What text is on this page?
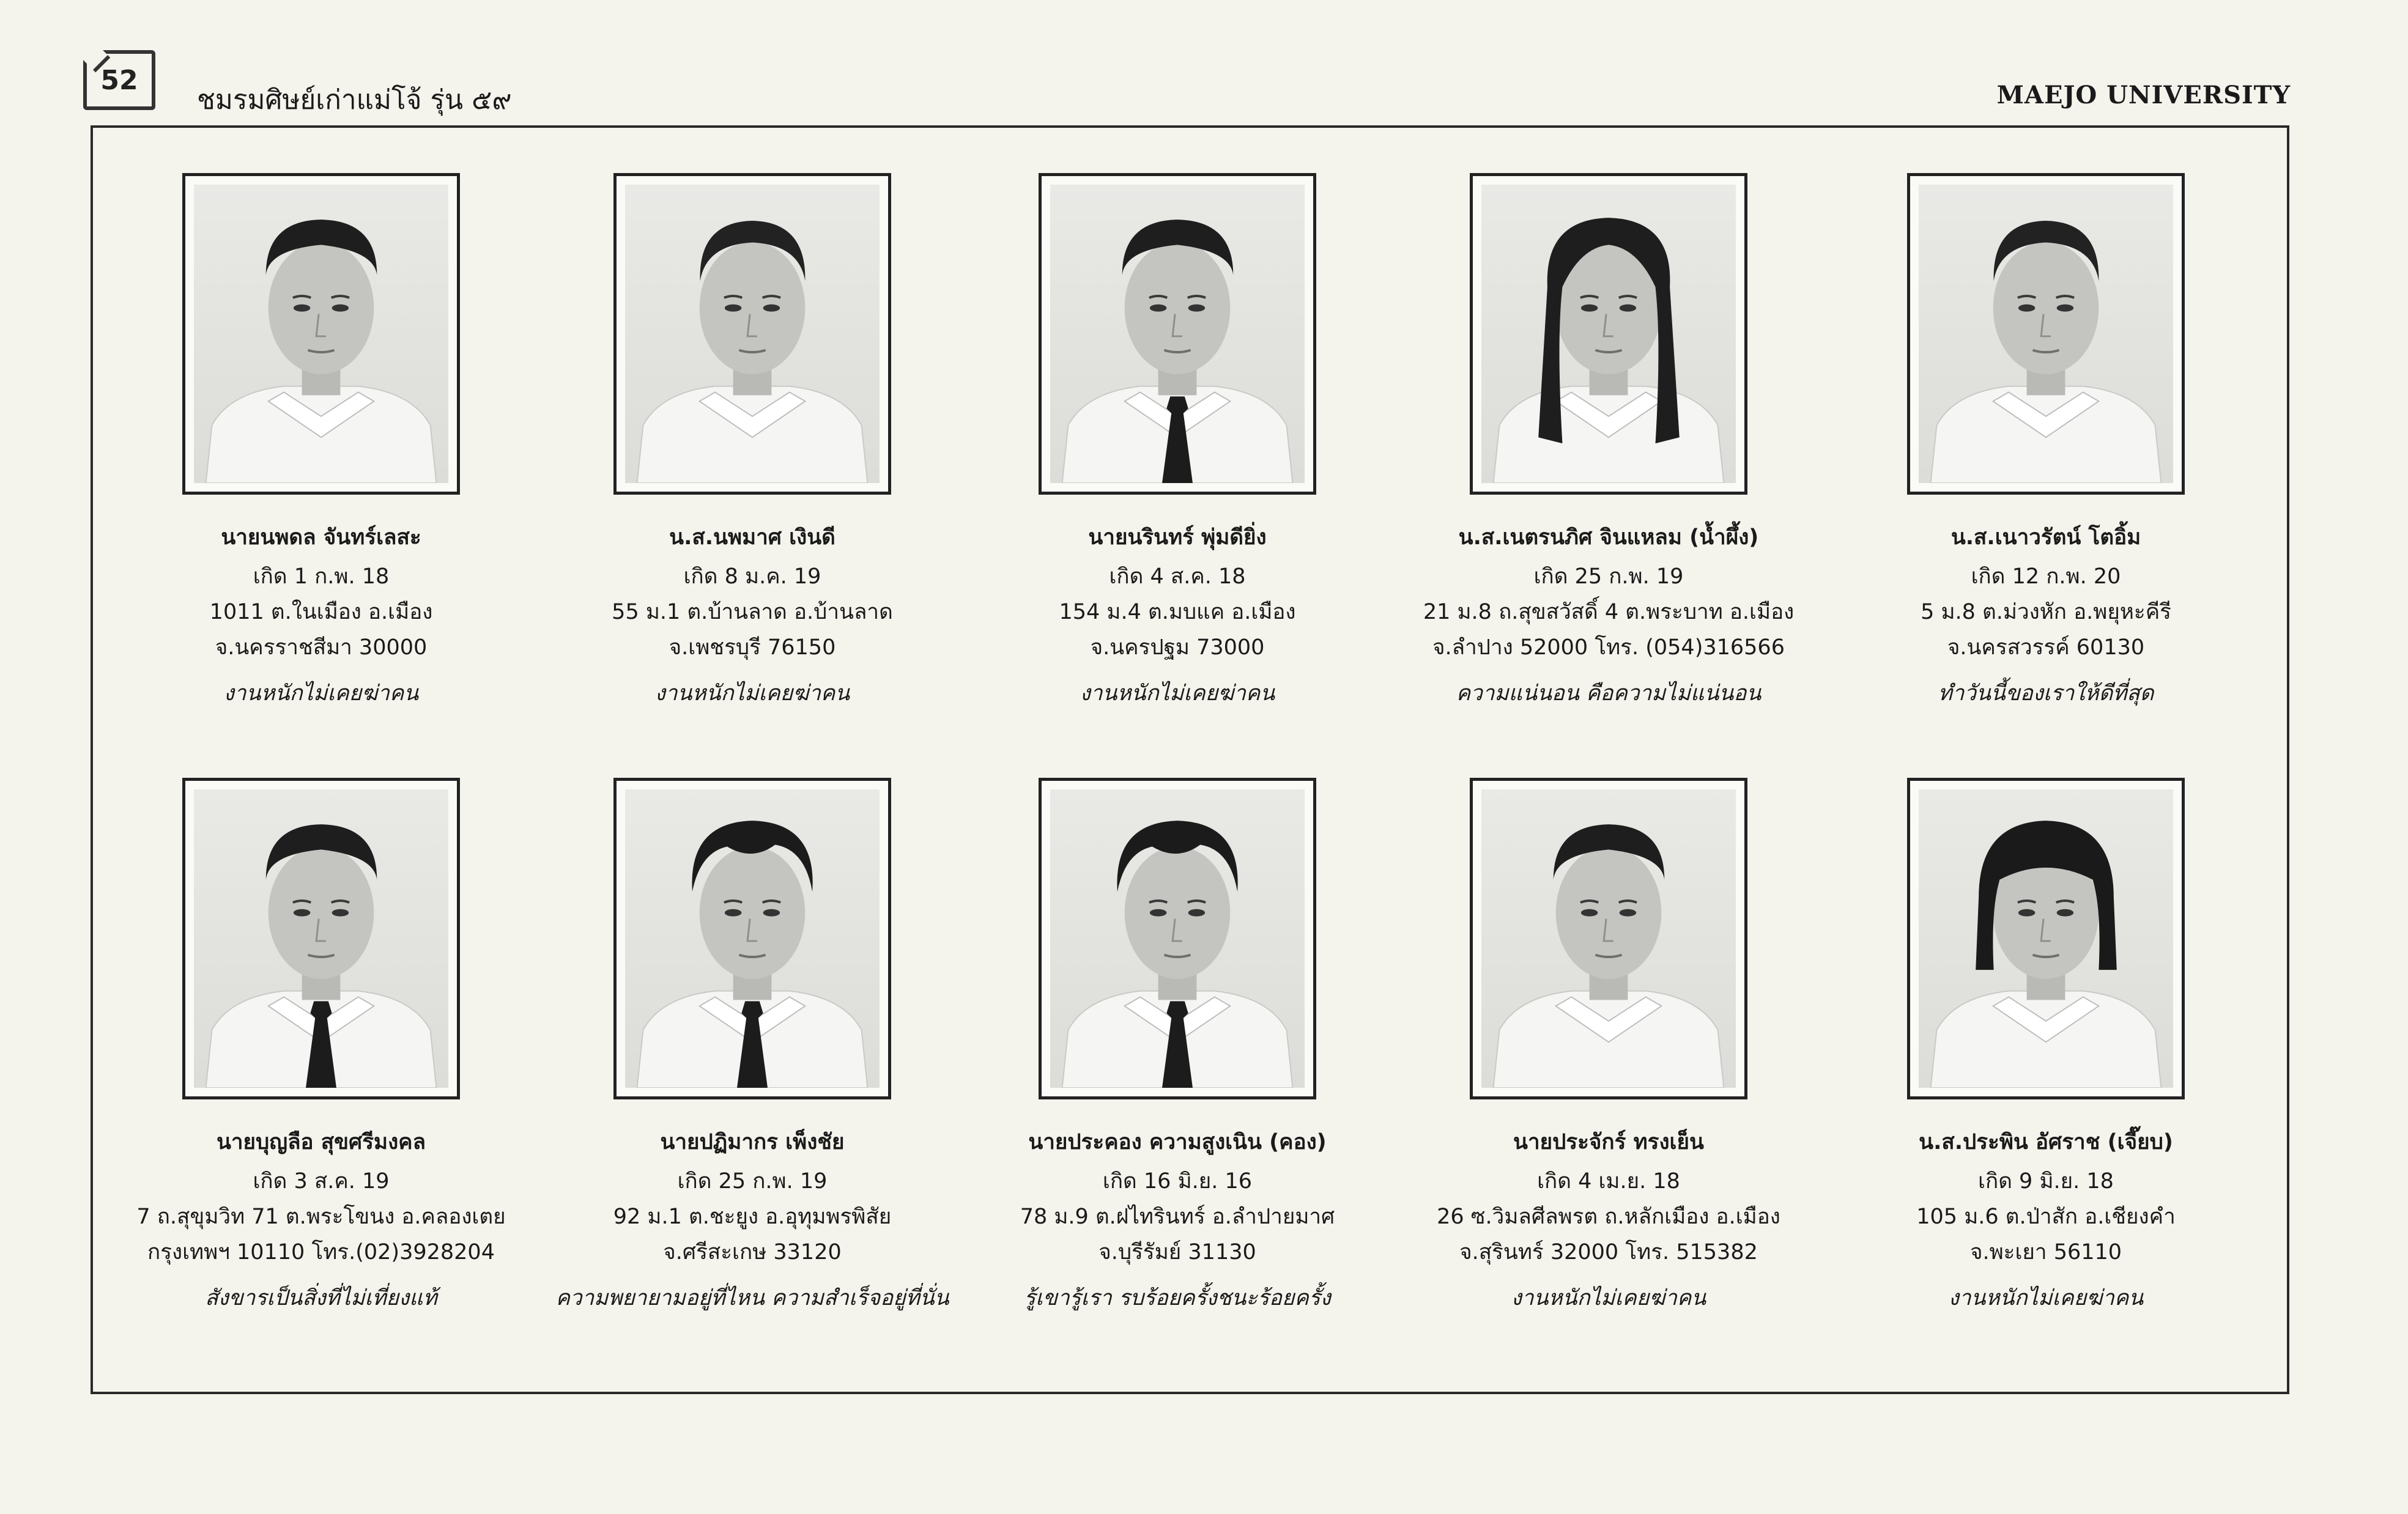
52
ชมรมศิษย์เก่าแม่โจ้ รุ่น ๕๙	MAEJO UNIVERSITY
นายนพดล จันทร์เลสะ
เกิด 1 ก.พ. 18
1011 ต.ในเมือง อ.เมือง
จ.นครราชสีมา 30000
งานหนักไม่เคยฆ่าคน
น.ส.นพมาศ เงินดี
เกิด 8 ม.ค. 19
55 ม.1 ต.บ้านลาด อ.บ้านลาด
จ.เพชรบุรี 76150
งานหนักไม่เคยฆ่าคน
นายนรินทร์ พุ่มดียิ่ง
เกิด 4 ส.ค. 18
154 ม.4 ต.มบแค อ.เมือง
จ.นครปฐม 73000
งานหนักไม่เคยฆ่าคน
น.ส.เนตรนภิศ จินแหลม (น้ำผึ้ง)
เกิด 25 ก.พ. 19
21 ม.8 ถ.สุขสวัสดิ์ 4 ต.พระบาท อ.เมือง
จ.ลำปาง 52000 โทร. (054)316566
ความแน่นอน คือความไม่แน่นอน
น.ส.เนาวรัตน์ โตอิ้ม
เกิด 12 ก.พ. 20
5 ม.8 ต.ม่วงหัก อ.พยุหะคีรี
จ.นครสวรรค์ 60130
ทำวันนี้ของเราให้ดีที่สุด
นายบุญลือ สุขศรีมงคล
เกิด 3 ส.ค. 19
7 ถ.สุขุมวิท 71 ต.พระโขนง อ.คลองเตย
กรุงเทพฯ 10110 โทร.(02)3928204
สังขารเป็นสิ่งที่ไม่เที่ยงแท้
นายปฏิมากร เพ็งชัย
เกิด 25 ก.พ. 19
92 ม.1 ต.ชะยูง อ.อุทุมพรพิสัย
จ.ศรีสะเกษ 33120
ความพยายามอยู่ที่ไหน ความสำเร็จอยู่ที่นั่น
นายประคอง ความสูงเนิน (คอง)
เกิด 16 มิ.ย. 16
78 ม.9 ต.ฝไทรินทร์ อ.ลำปายมาศ
จ.บุรีรัมย์ 31130
รู้เขารู้เรา รบร้อยครั้งชนะร้อยครั้ง
นายประจักร์ ทรงเย็น
เกิด 4 เม.ย. 18
26 ซ.วิมลศีลพรต ถ.หลักเมือง อ.เมือง
จ.สุรินทร์ 32000 โทร. 515382
งานหนักไม่เคยฆ่าคน
น.ส.ประพิน อัศราช (เจี๊ยบ)
เกิด 9 มิ.ย. 18
105 ม.6 ต.ป่าสัก อ.เชียงคำ
จ.พะเยา 56110
งานหนักไม่เคยฆ่าคน
